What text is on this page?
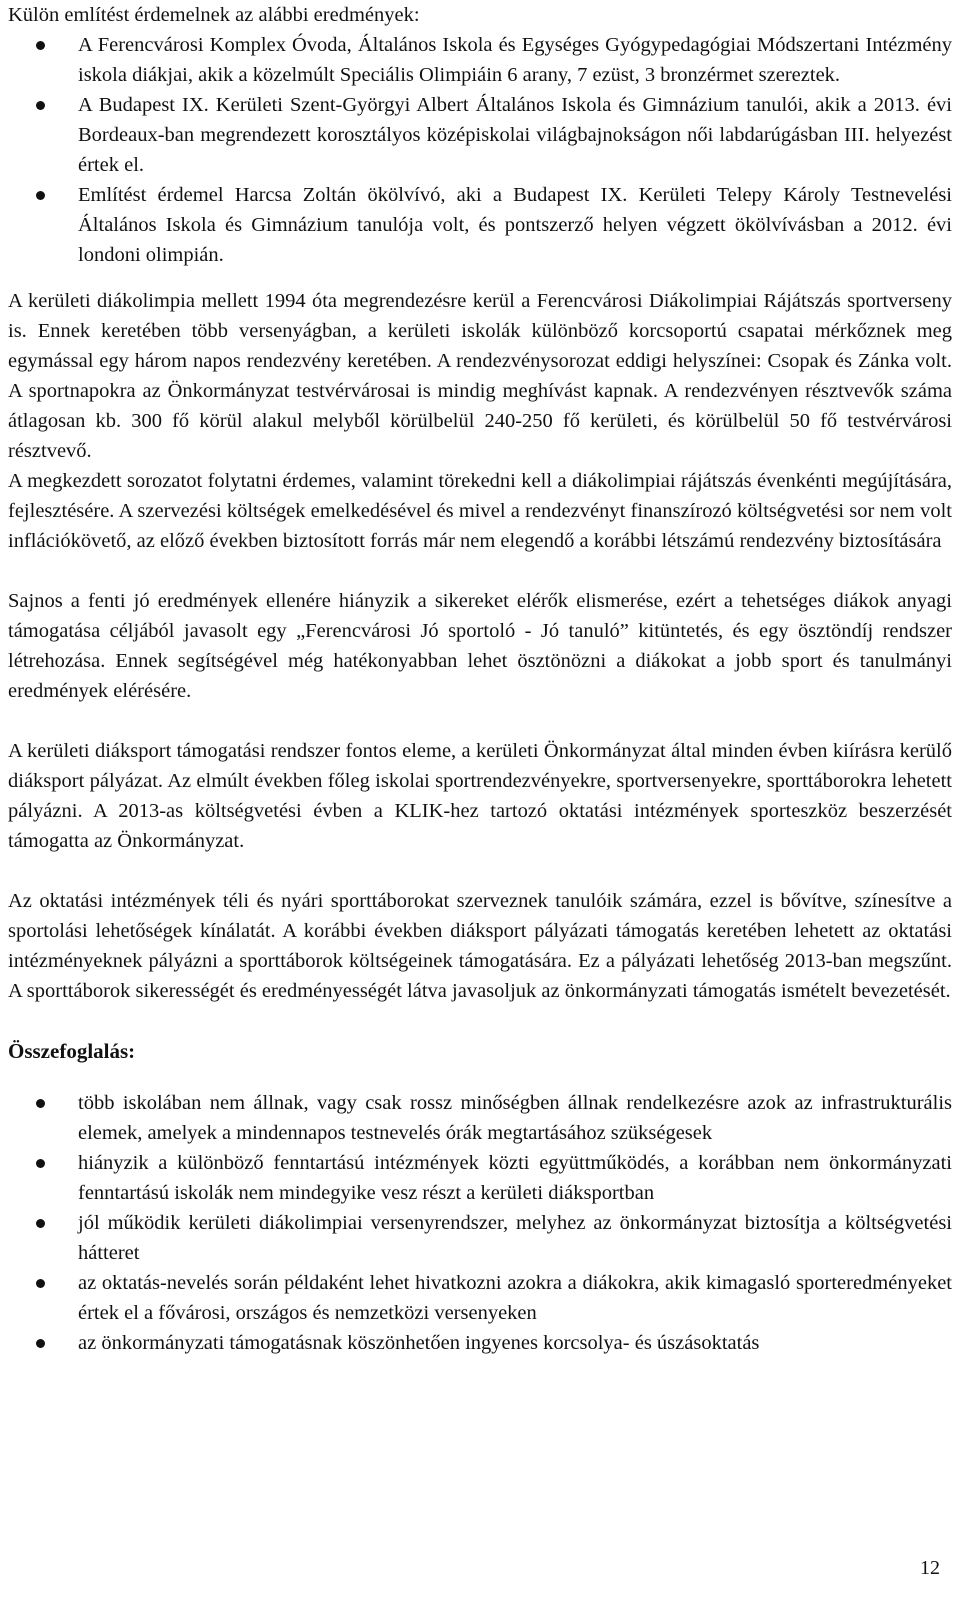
Külön említést érdemelnek az alábbi eredmények:

A Ferencvárosi Komplex Óvoda, Általános Iskola és Egységes Gyógypedagógiai Módszertani Intézmény iskola diákjai, akik a közelmúlt Speciális Olimpiáin 6 arany, 7 ezüst, 3 bronzérmet szereztek.
A Budapest IX. Kerületi Szent-Györgyi Albert Általános Iskola és Gimnázium tanulói, akik a 2013. évi Bordeaux-ban megrendezett korosztályos középiskolai világbajnokságon női labdarúgásban III. helyezést értek el.
Említést érdemel Harcsa Zoltán ökölvívó, aki a Budapest IX. Kerületi Telepy Károly Testnevelési Általános Iskola és Gimnázium tanulója volt, és pontszerző helyen végzett ökölvívásban a 2012. évi londoni olimpián.

A kerületi diákolimpia mellett 1994 óta megrendezésre kerül a Ferencvárosi Diákolimpiai Rájátszás sportverseny is. Ennek keretében több versenyágban, a kerületi iskolák különböző korcsoportú csapatai mérkőznek meg egymással egy három napos rendezvény keretében. A rendezvénysorozat eddigi helyszínei: Csopak és Zánka volt. A sportnapokra az Önkormányzat testvérvárosai is mindig meghívást kapnak. A rendezvényen résztvevők száma átlagosan kb. 300 fő körül alakul melyből körülbelül 240-250 fő kerületi, és körülbelül 50 fő testvérvárosi résztvevő.

A megkezdett sorozatot folytatni érdemes, valamint törekedni kell a diákolimpiai rájátszás évenkénti megújítására, fejlesztésére. A szervezési költségek emelkedésével és mivel a rendezvényt finanszírozó költségvetési sor nem volt inflációkövető, az előző években biztosított forrás már nem elegendő a korábbi létszámú rendezvény biztosítására

Sajnos a fenti jó eredmények ellenére hiányzik a sikereket elérők elismerése, ezért a tehetséges diákok anyagi támogatása céljából javasolt egy „Ferencvárosi Jó sportoló - Jó tanuló” kitüntetés, és egy ösztöndíj rendszer létrehozása. Ennek segítségével még hatékonyabban lehet ösztönözni a diákokat a jobb sport és tanulmányi eredmények elérésére.

A kerületi diáksport támogatási rendszer fontos eleme, a kerületi Önkormányzat által minden évben kiírásra kerülő diáksport pályázat. Az elmúlt években főleg iskolai sportrendezvényekre, sportversenyekre, sporttáborokra lehetett pályázni. A 2013-as költségvetési évben a KLIK-hez tartozó oktatási intézmények sporteszköz beszerzését támogatta az Önkormányzat.

Az oktatási intézmények téli és nyári sporttáborokat szerveznek tanulóik számára, ezzel is bővítve, színesítve a sportolási lehetőségek kínálatát. A korábbi években diáksport pályázati támogatás keretében lehetett az oktatási intézményeknek pályázni a sporttáborok költségeinek támogatására. Ez a pályázati lehetőség 2013-ban megszűnt. A sporttáborok sikerességét és eredményességét látva javasoljuk az önkormányzati támogatás ismételt bevezetését.

Összefoglalás:

több iskolában nem állnak, vagy csak rossz minőségben állnak rendelkezésre azok az infrastrukturális elemek, amelyek a mindennapos testnevelés órák megtartásához szükségesek
hiányzik a különböző fenntartású intézmények közti együttműködés, a korábban nem önkormányzati fenntartású iskolák nem mindegyike vesz részt a kerületi diáksportban
jól működik kerületi diákolimpiai versenyrendszer, melyhez az önkormányzat biztosítja a költségvetési hátteret
az oktatás-nevelés során példaként lehet hivatkozni azokra a diákokra, akik kimagasló sporteredményeket értek el a fővárosi, országos és nemzetközi versenyeken
az önkormányzati támogatásnak köszönhetően ingyenes korcsolya- és úszásoktatás
12
